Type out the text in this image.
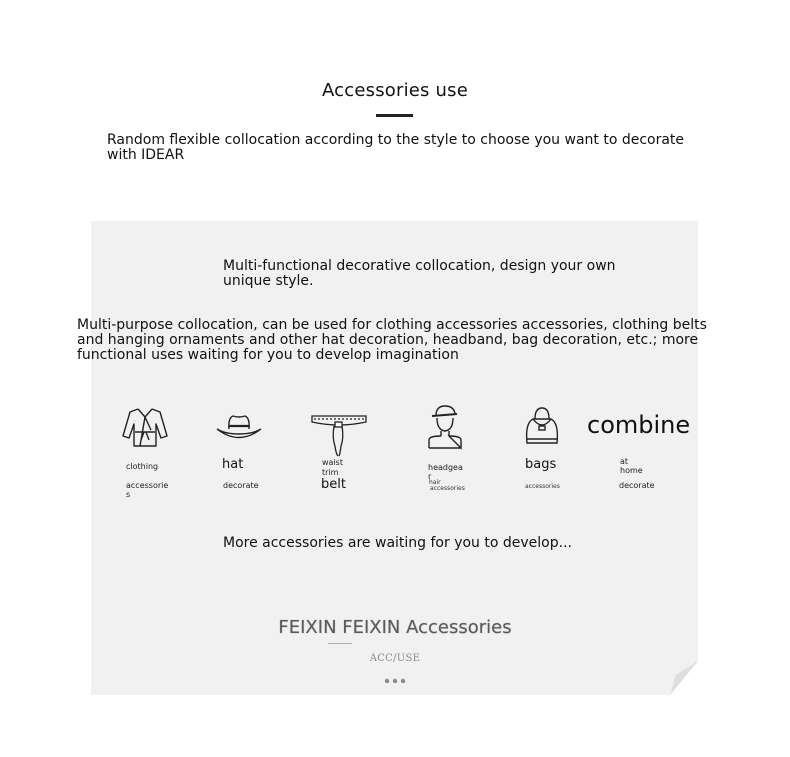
Accessories use
Random flexible collocation according to the style to choose you want to decorate with IDEAR
Multi-functional decorative collocation, design your own unique style.
Multi-purpose collocation, can be used for clothing accessories accessories, clothing belts and hanging ornaments and other hat decoration, headband, bag decoration, etc.; more functional uses waiting for you to develop imagination
clothing
accessorie s
hat
decorate
waist
trim
belt
headgea r
hair
accessories
bags
accessories
combine
at
home
decorate
More accessories are waiting for you to develop...
FEIXIN FEIXIN Accessories
ACC/USE
